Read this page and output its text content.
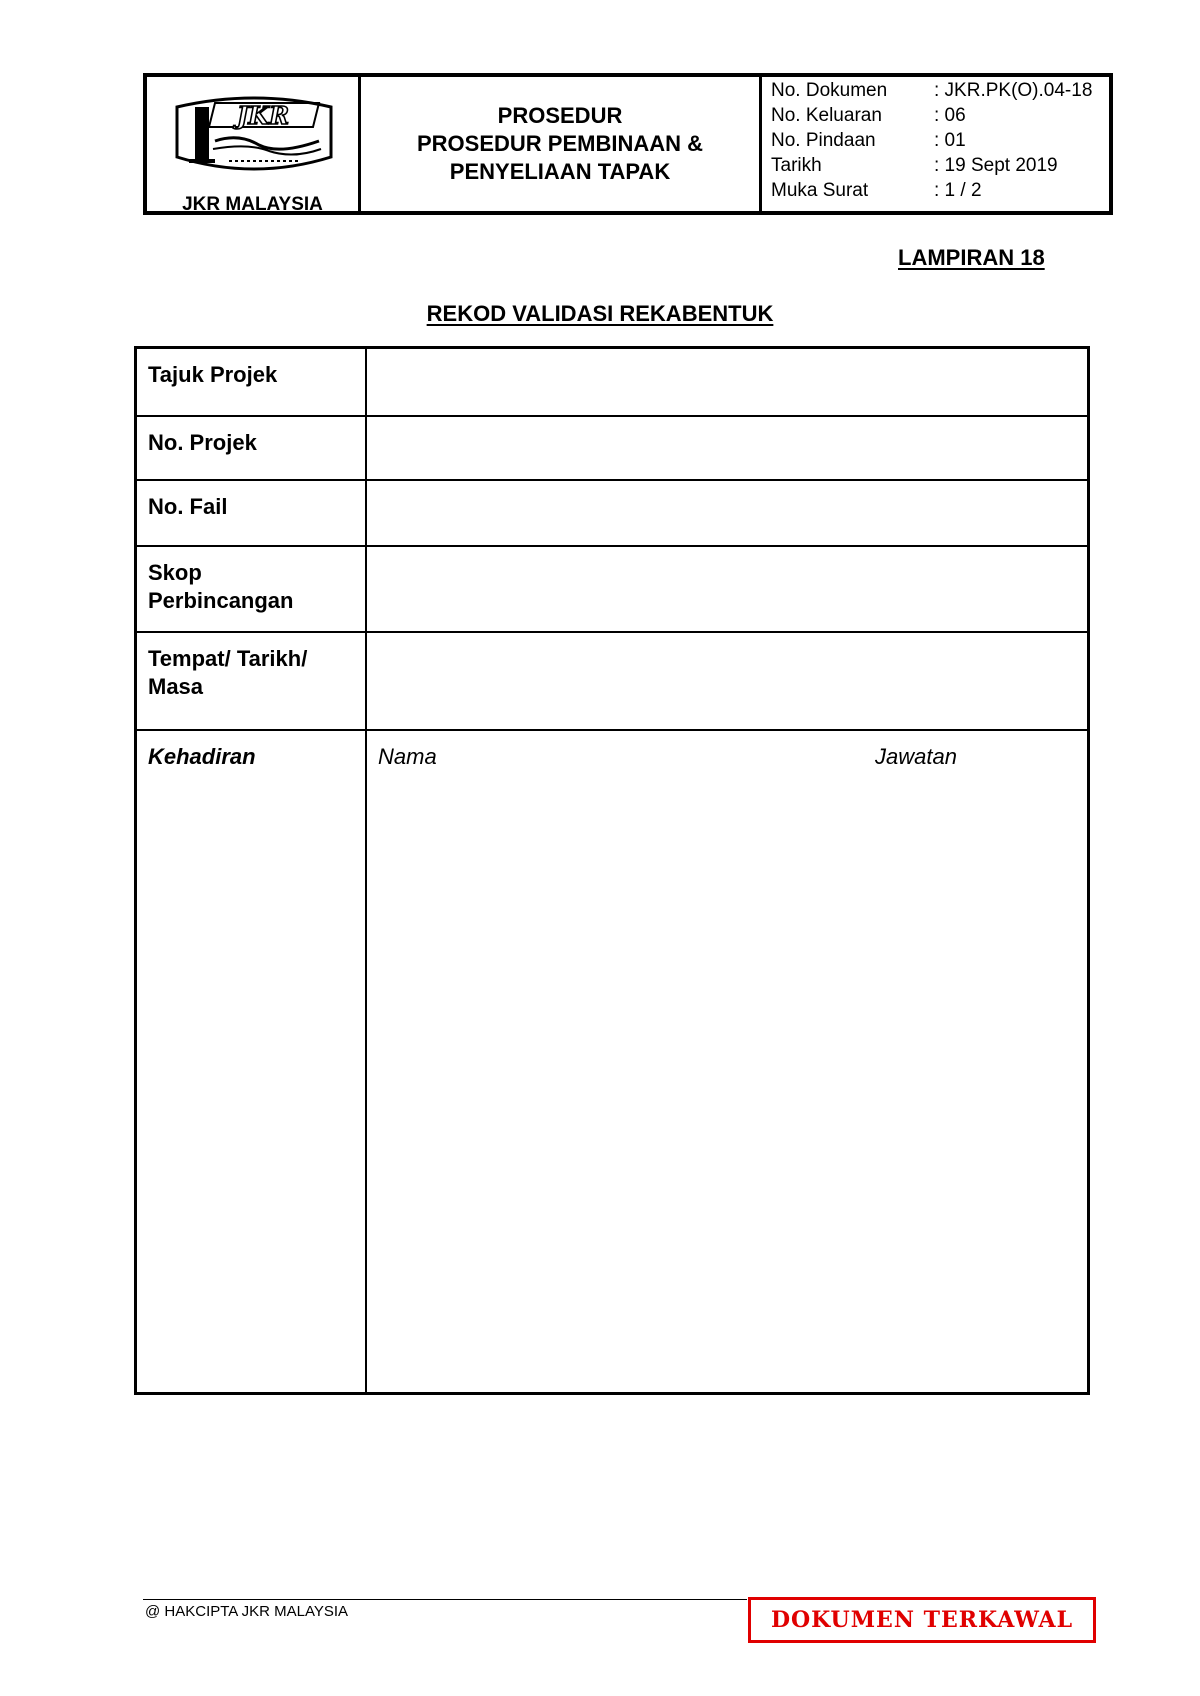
JKR
JKR MALAYSIA
PROSEDUR
PROSEDUR PEMBINAAN &
PENYELIAAN TAPAK
No. Dokumen	: JKR.PK(O).04-18
No. Keluaran	: 06
No. Pindaan	: 01
Tarikh	: 19 Sept 2019
Muka Surat	: 1 / 2
LAMPIRAN 18
REKOD VALIDASI REKABENTUK
Tajuk Projek
No. Projek
No. Fail
Skop
Perbincangan
Tempat/ Tarikh/
Masa
Kehadiran	Nama	Jawatan
@ HAKCIPTA JKR MALAYSIA	DOKUMEN TERKAWAL
